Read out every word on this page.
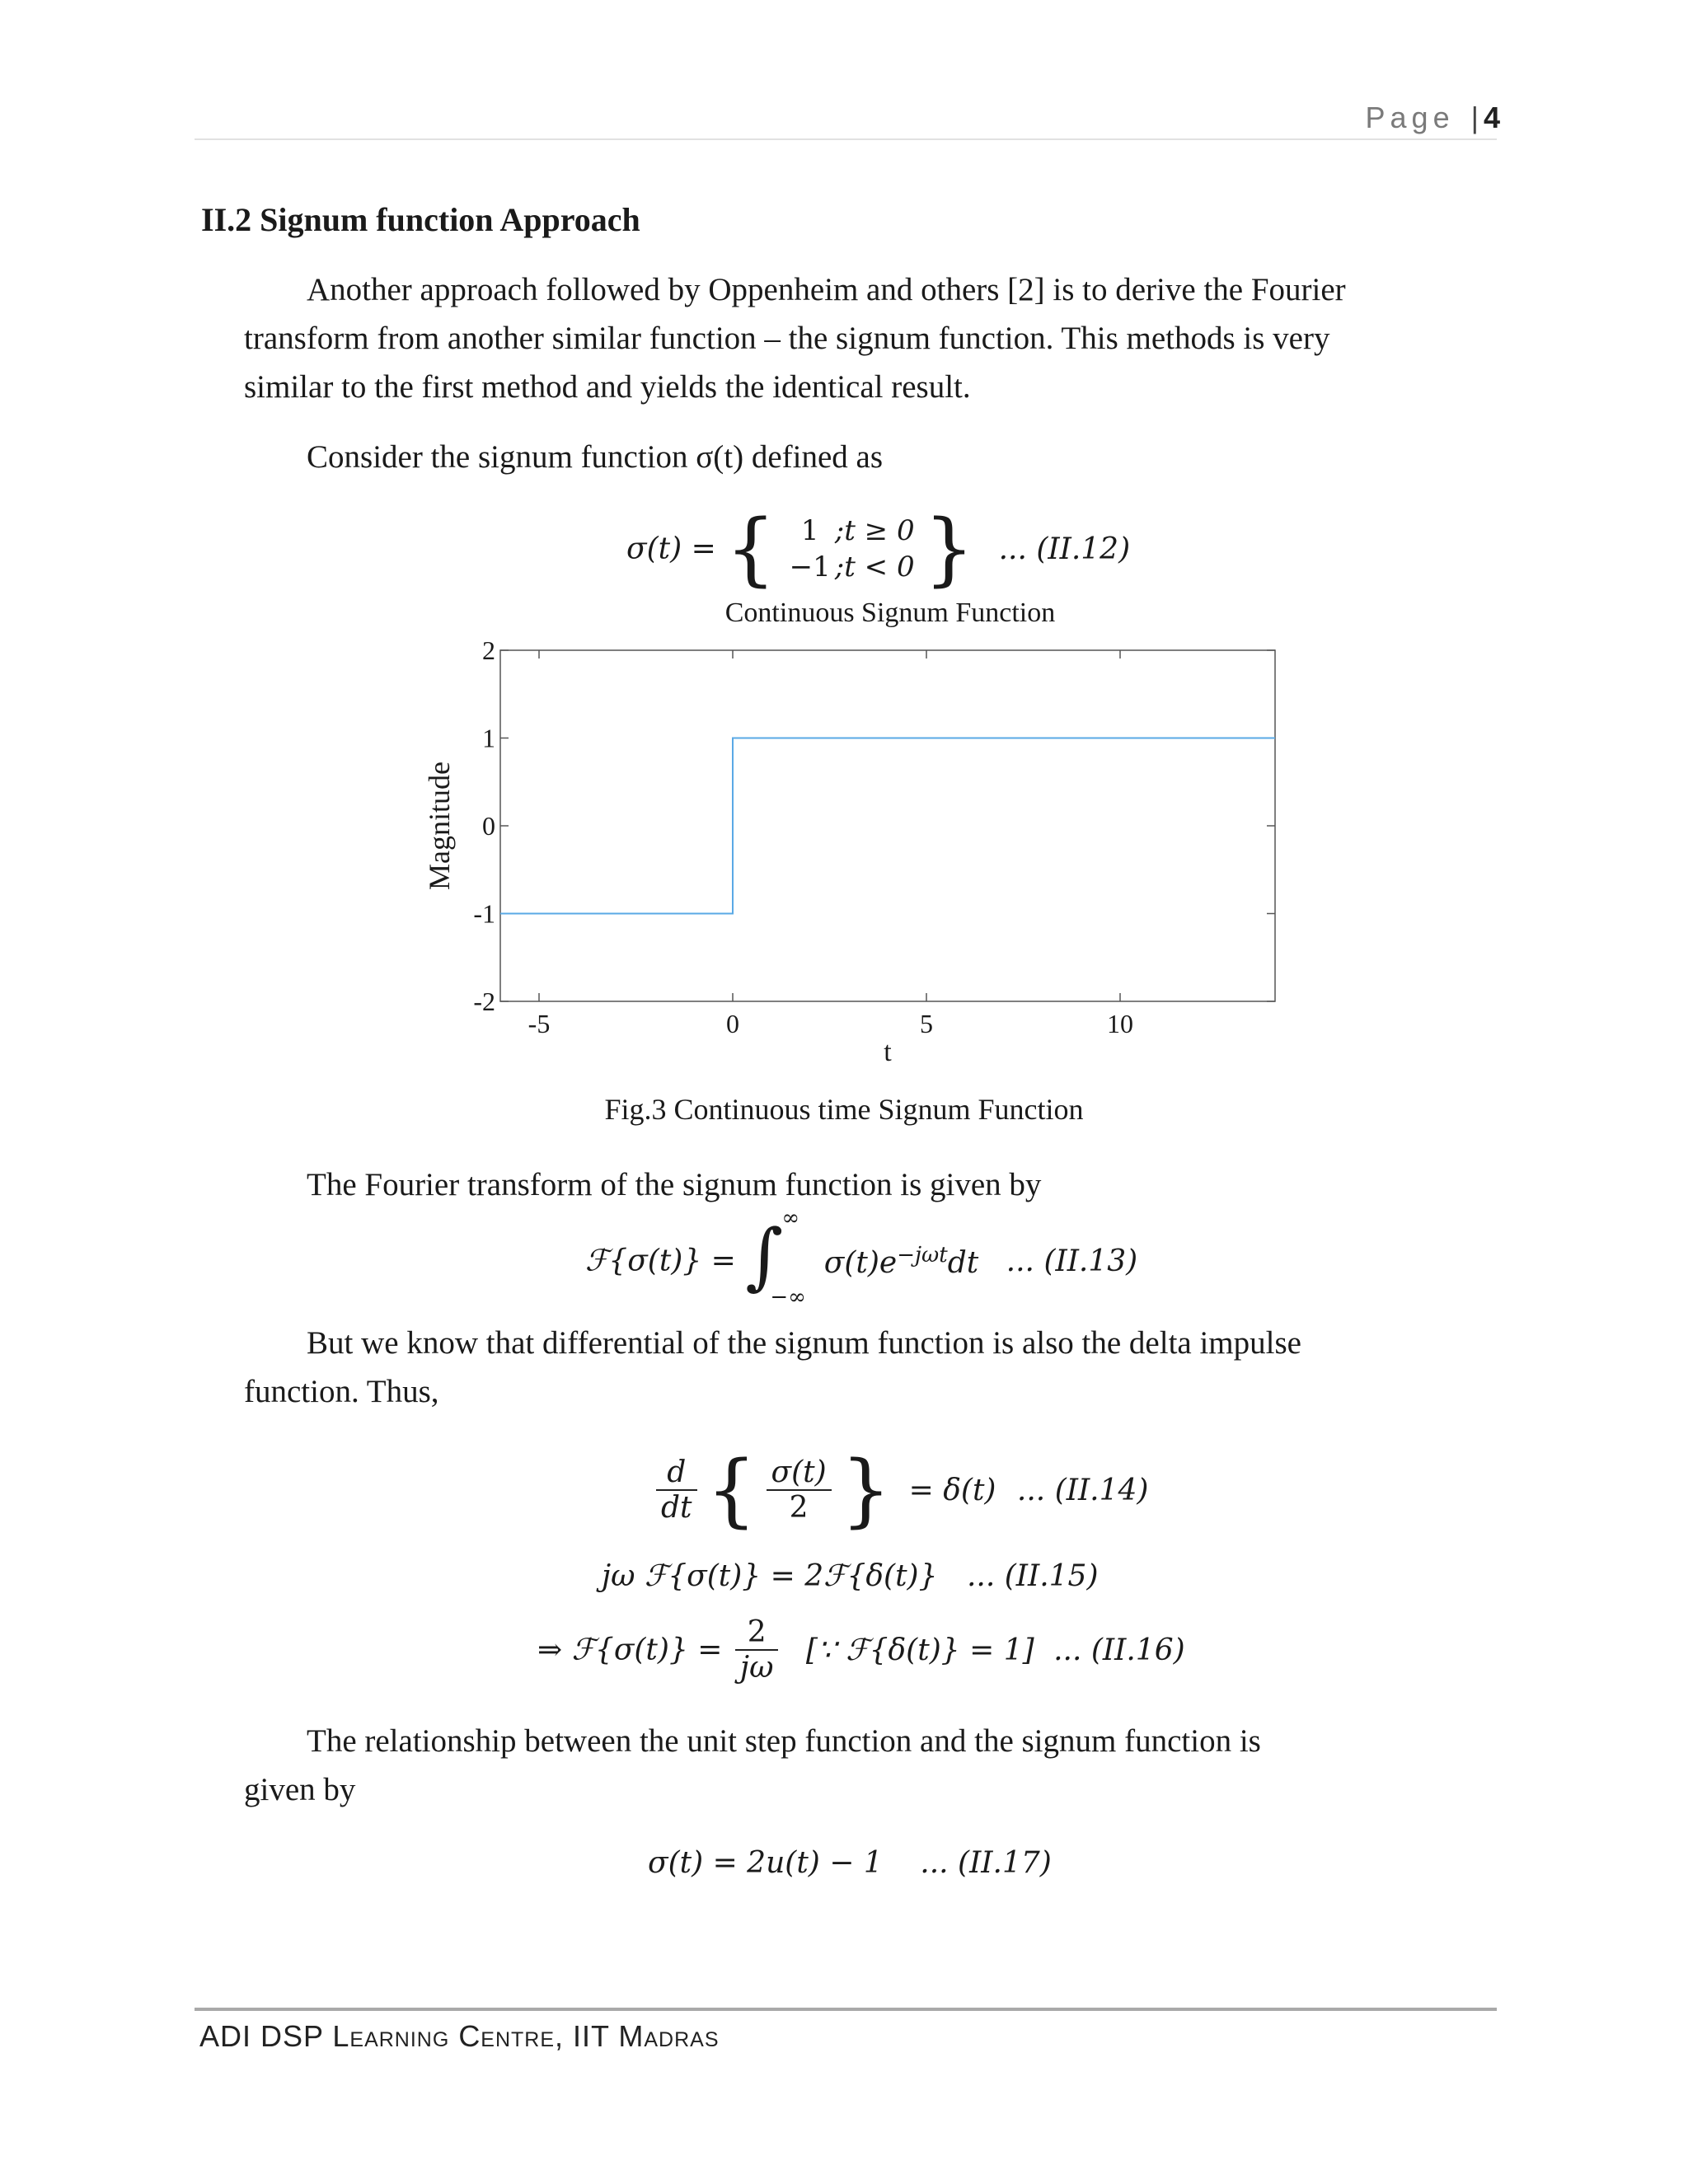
Page | 4
II.2 Signum function Approach

Another approach followed by Oppenheim and others [2] is to derive the Fourier

transform from another similar function – the signum function. This methods is very

similar to the first method and yields the identical result.

Consider the signum function σ(t) defined as

σ(t) = { 1 ;t ≥ 0
−1 ;t < 0 } ... (II.12)
Continuous Signum Function
-5	0	5	10
-2
-1
0
1
2
t
Magnitude
Fig.3 Continuous time Signum Function

The Fourier transform of the signum function is given by

ℱ{σ(t)} = ∫
∞
−∞
$\sigma(t)e^{-j\omega t}dt$ ... (II.13)

But we know that differential of the signum function is also the delta impulse

function. Thus,

$\frac{d}{dt}$ { $\frac{\sigma(t)}{2}$ } = δ(t) ... (II.14)
jω ℱ{σ(t)} = 2ℱ{δ(t)} ... (II.15)
⇒ ℱ{σ(t)} = $\frac{2}{j\omega}$ [∵ ℱ{δ(t)} = 1] ... (II.16)

The relationship between the unit step function and the signum function is

given by

σ(t) = 2u(t) − 1 ... (II.17)
ADI DSP Learning Centre, IIT Madras
